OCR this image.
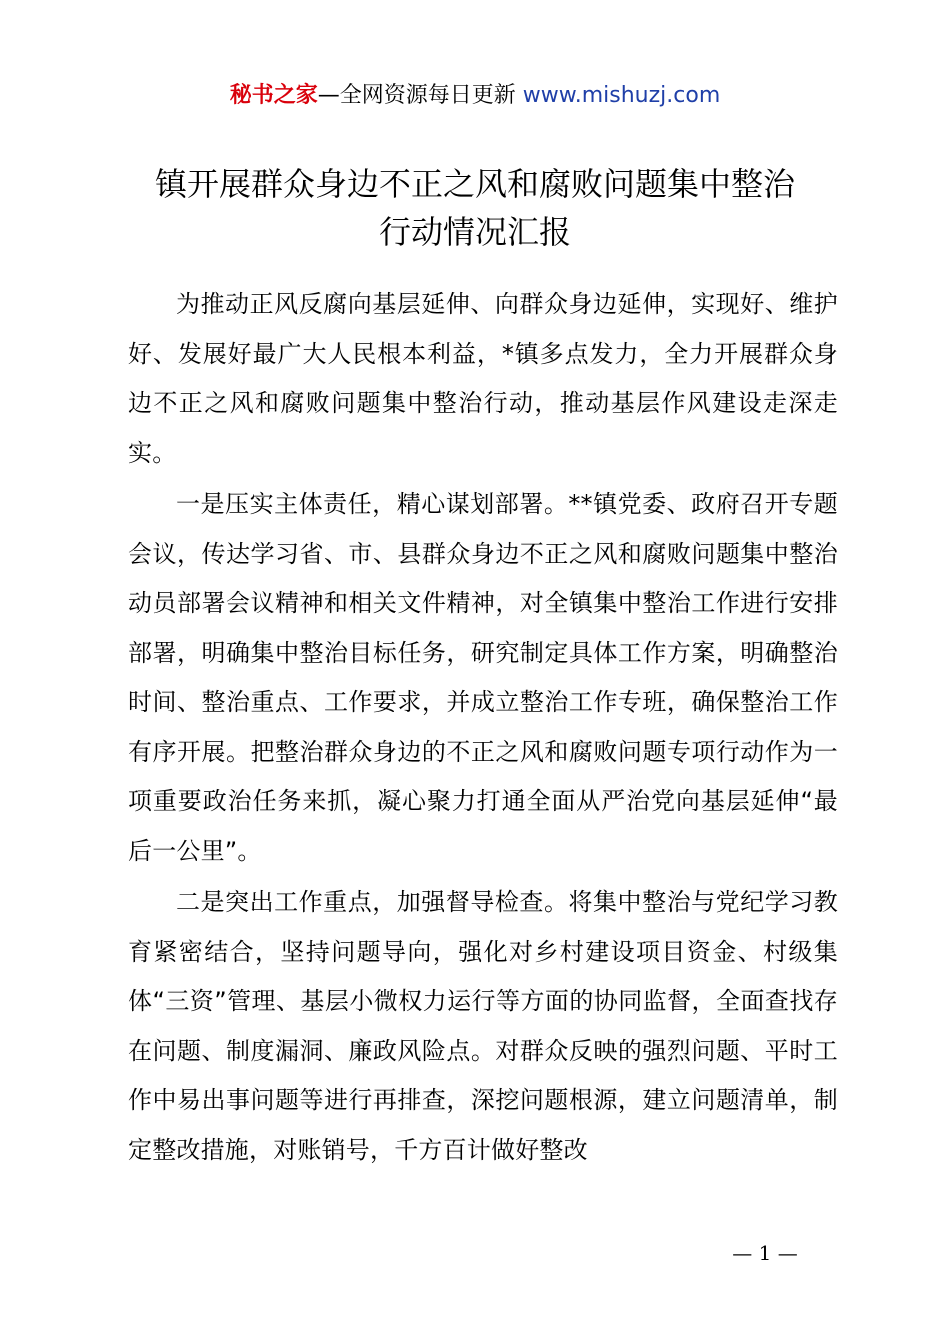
秘书之家—全网资源每日更新 www.mishuzj.com
镇开展群众身边不正之风和腐败问题集中整治
行动情况汇报

为推动正风反腐向基层延伸、向群众身边延伸，实现好、维护好、发展好最广大人民根本利益，*镇多点发力，全力开展群众身边不正之风和腐败问题集中整治行动，推动基层作风建设走深走实。

一是压实主体责任，精心谋划部署。**镇党委、政府召开专题会议，传达学习省、市、县群众身边不正之风和腐败问题集中整治动员部署会议精神和相关文件精神，对全镇集中整治工作进行安排部署，明确集中整治目标任务，研究制定具体工作方案，明确整治时间、整治重点、工作要求，并成立整治工作专班，确保整治工作有序开展。把整治群众身边的不正之风和腐败问题专项行动作为一项重要政治任务来抓，凝心聚力打通全面从严治党向基层延伸“最后一公里”。

二是突出工作重点，加强督导检查。将集中整治与党纪学习教育紧密结合，坚持问题导向，强化对乡村建设项目资金、村级集体“三资”管理、基层小微权力运行等方面的协同监督，全面查找存在问题、制度漏洞、廉政风险点。对群众反映的强烈问题、平时工作中易出事问题等进行再排查，深挖问题根源，建立问题清单，制定整改措施，对账销号，千方百计做好整改

— 1 —
